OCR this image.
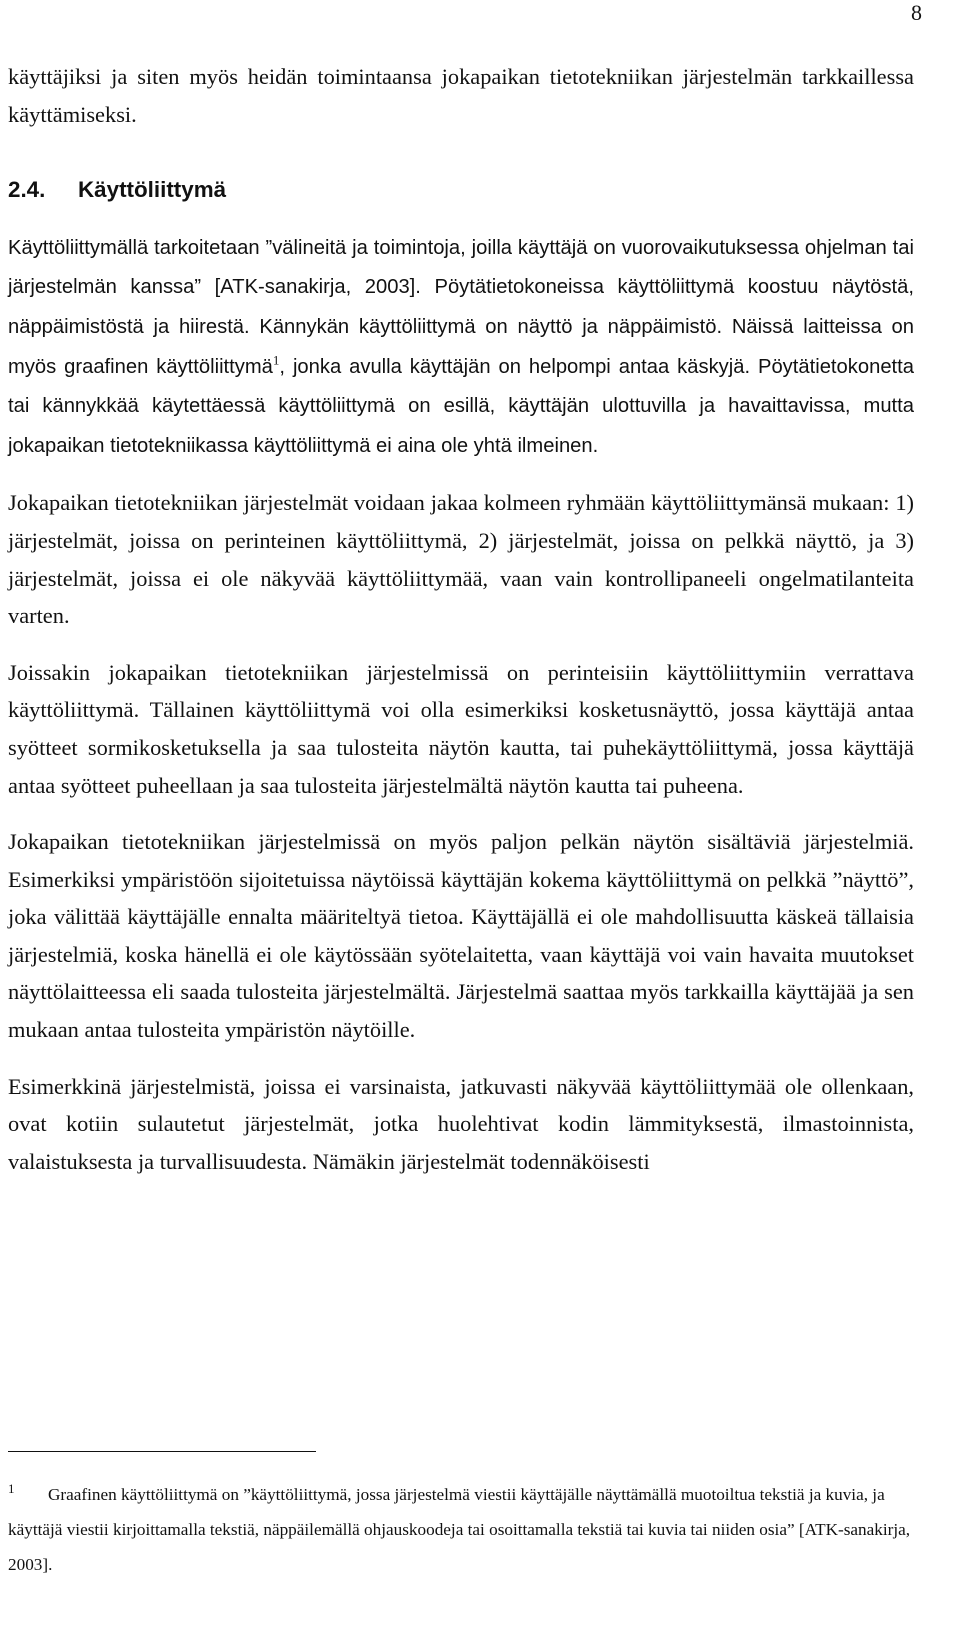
8

käyttäjiksi ja siten myös heidän toimintaansa jokapaikan tietotekniikan järjestelmän tarkkaillessa käyttämiseksi.

2.4. Käyttöliittymä

Käyttöliittymällä tarkoitetaan ”välineitä ja toimintoja, joilla käyttäjä on vuorovaikutuksessa ohjelman tai järjestelmän kanssa” [ATK-sanakirja, 2003]. Pöytätietokoneissa käyttöliittymä koostuu näytöstä, näppäimistöstä ja hiirestä. Kännykän käyttöliittymä on näyttö ja näppäimistö. Näissä laitteissa on myös graafinen käyttöliittymä$^1$, jonka avulla käyttäjän on helpompi antaa käskyjä. Pöytätietokonetta tai kännykkää käytettäessä käyttöliittymä on esillä, käyttäjän ulottuvilla ja havaittavissa, mutta jokapaikan tietotekniikassa käyttöliittymä ei aina ole yhtä ilmeinen.

Jokapaikan tietotekniikan järjestelmät voidaan jakaa kolmeen ryhmään käyttöliittymänsä mukaan: 1) järjestelmät, joissa on perinteinen käyttöliittymä, 2) järjestelmät, joissa on pelkkä näyttö, ja 3) järjestelmät, joissa ei ole näkyvää käyttöliittymää, vaan vain kontrollipaneeli ongelmatilanteita varten.

Joissakin jokapaikan tietotekniikan järjestelmissä on perinteisiin käyttöliittymiin verrattava käyttöliittymä. Tällainen käyttöliittymä voi olla esimerkiksi kosketusnäyttö, jossa käyttäjä antaa syötteet sormikosketuksella ja saa tulosteita näytön kautta, tai puhekäyttöliittymä, jossa käyttäjä antaa syötteet puheellaan ja saa tulosteita järjestelmältä näytön kautta tai puheena.

Jokapaikan tietotekniikan järjestelmissä on myös paljon pelkän näytön sisältäviä järjestelmiä. Esimerkiksi ympäristöön sijoitetuissa näytöissä käyttäjän kokema käyttöliittymä on pelkkä ”näyttö”, joka välittää käyttäjälle ennalta määriteltyä tietoa. Käyttäjällä ei ole mahdollisuutta käskeä tällaisia järjestelmiä, koska hänellä ei ole käytössään syötelaitetta, vaan käyttäjä voi vain havaita muutokset näyttölaitteessa eli saada tulosteita järjestelmältä. Järjestelmä saattaa myös tarkkailla käyttäjää ja sen mukaan antaa tulosteita ympäristön näytöille.

Esimerkkinä järjestelmistä, joissa ei varsinaista, jatkuvasti näkyvää käyttöliittymää ole ollenkaan, ovat kotiin sulautetut järjestelmät, jotka huolehtivat kodin lämmityksestä, ilmastoinnista, valaistuksesta ja turvallisuudesta. Nämäkin järjestelmät todennäköisesti

1 Graafinen käyttöliittymä on ”käyttöliittymä, jossa järjestelmä viestii käyttäjälle näyttämällä muotoiltua tekstiä ja kuvia, ja käyttäjä viestii kirjoittamalla tekstiä, näppäilemällä ohjauskoodeja tai osoittamalla tekstiä tai kuvia tai niiden osia” [ATK-sanakirja, 2003].
